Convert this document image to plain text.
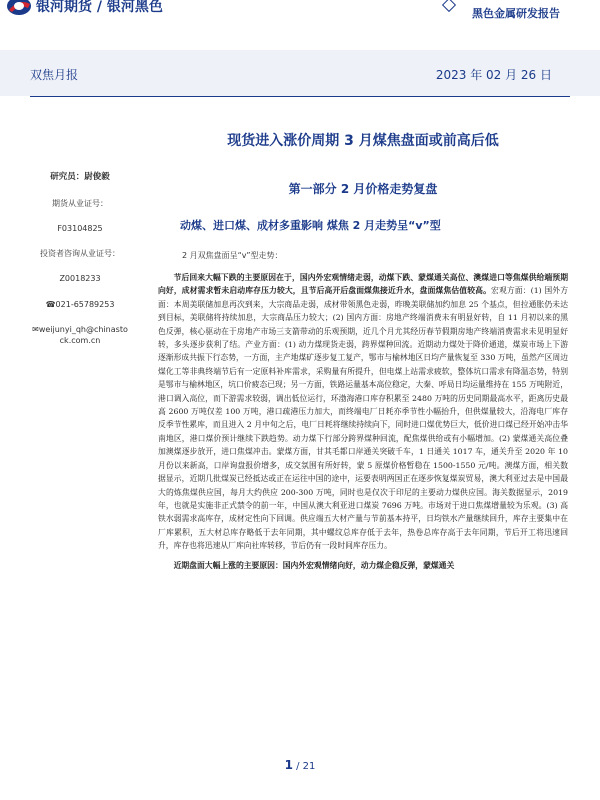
银河期货 / 银河黑色	黑色金属研发报告
双焦月报	2023 年 02 月 26 日
研究员：尉俊毅
期货从业证号：
F03104825
投资者咨询从业证号：
Z0018233
☎021-65789253
✉weijunyi_qh@chinasto
ck.com.cn
现货进入涨价周期 3 月煤焦盘面或前高后低
第一部分 2 月价格走势复盘
动煤、进口煤、成材多重影响 煤焦 2 月走势呈“v”型
2 月双焦盘面呈“v”型走势：

节后回来大幅下跌的主要原因在于，国内外宏观情绪走弱，动煤下跌、蒙煤通关高位、澳煤进口等焦煤供给端预期向好，成材需求暂未启动库存压力较大，且节后高开后盘面煤焦接近升水，盘面煤焦估值较高。宏观方面：(1) 国外方面：本周美联储加息再次到来，大宗商品走弱，成材带领黑色走弱，昨晚美联储加约加息 25 个基点，但拉通胀仍未达到目标，美联储将持续加息，大宗商品压力较大；(2) 国内方面：房地产终端消费未有明显好转，自 11 月初以来的黑色反弹，核心驱动在于房地产市场三支箭带动的乐观预期，近几个月尤其经历春节假期房地产终端消费需求未见明显好转，多头逐步获利了结。产业方面：(1) 动力煤现货走弱，跨界煤种回流。近期动力煤处于降价通道，煤炭市场上下游逐渐形成共振下行态势，一方面，主产地煤矿逐步复工复产，鄂市与榆林地区日均产量恢复至 330 万吨，虽然产区周边煤化工等非典终端节后有一定原料补库需求，采购量有所提升，但电煤上站需求疲软，整体坑口需求有降温态势，特别是鄂市与榆林地区，坑口价疲态已现；另一方面，铁路运量基本高位稳定，大秦、呼局日均运量维持在 155 万吨附近，港口调入高位，而下游需求较弱，调出低位运行，环渤海港口库存积累至 2480 万吨的历史同期最高水平，距离历史最高 2600 万吨仅差 100 万吨，港口疏港压力加大，而终端电厂日耗亦季节性小幅抬升，但供煤量较大，沿海电厂库存反季节性累库，而且进入 2 月中旬之后，电厂日耗将继续持续向下，同时进口煤优势巨大，低价进口煤已经开始冲击华南地区，港口煤价预计继续下跌趋势。动力煤下行部分跨界煤种回流，配焦煤供给或有小幅增加。(2) 蒙煤通关高位叠加澳煤逐步放开，进口焦煤冲击。蒙煤方面，甘其毛都口岸通关突破千车，1 日通关 1017 车，通关升至 2020 年 10 月份以来新高，口岸询盘报价增多，成交氛围有所好转，蒙 5 原煤价格暂稳在 1500-1550 元/吨。澳煤方面，相关数据显示，近期几批煤炭已经抵达或正在运往中国的途中，运要表明两国正在逐步恢复煤炭贸易，澳大利亚过去是中国最大的炼焦煤供应国，每月大约供应 200-300 万吨，同时也是仅次于印尼的主要动力煤供应国。海关数据显示，2019 年，也就是实施非正式禁令的前一年，中国从澳大利亚进口煤炭 7696 万吨。市场对于进口焦煤增量较为乐观。(3) 高铁水弱需求高库存，成材定性向下回调。供应端五大材产量与节前基本持平，日均铁水产量继续回升，库存主要集中在厂库累积，五大材总库存略低于去年同期，其中螺纹总库存低于去年，热卷总库存高于去年同期，节后开工将迅速回升，库存也将迅速从厂库向社库转移，节后仍有一段时间库存压力。

近期盘面大幅上涨的主要原因：国内外宏观情绪向好，动力煤企稳反弹，蒙煤通关

1 / 21
